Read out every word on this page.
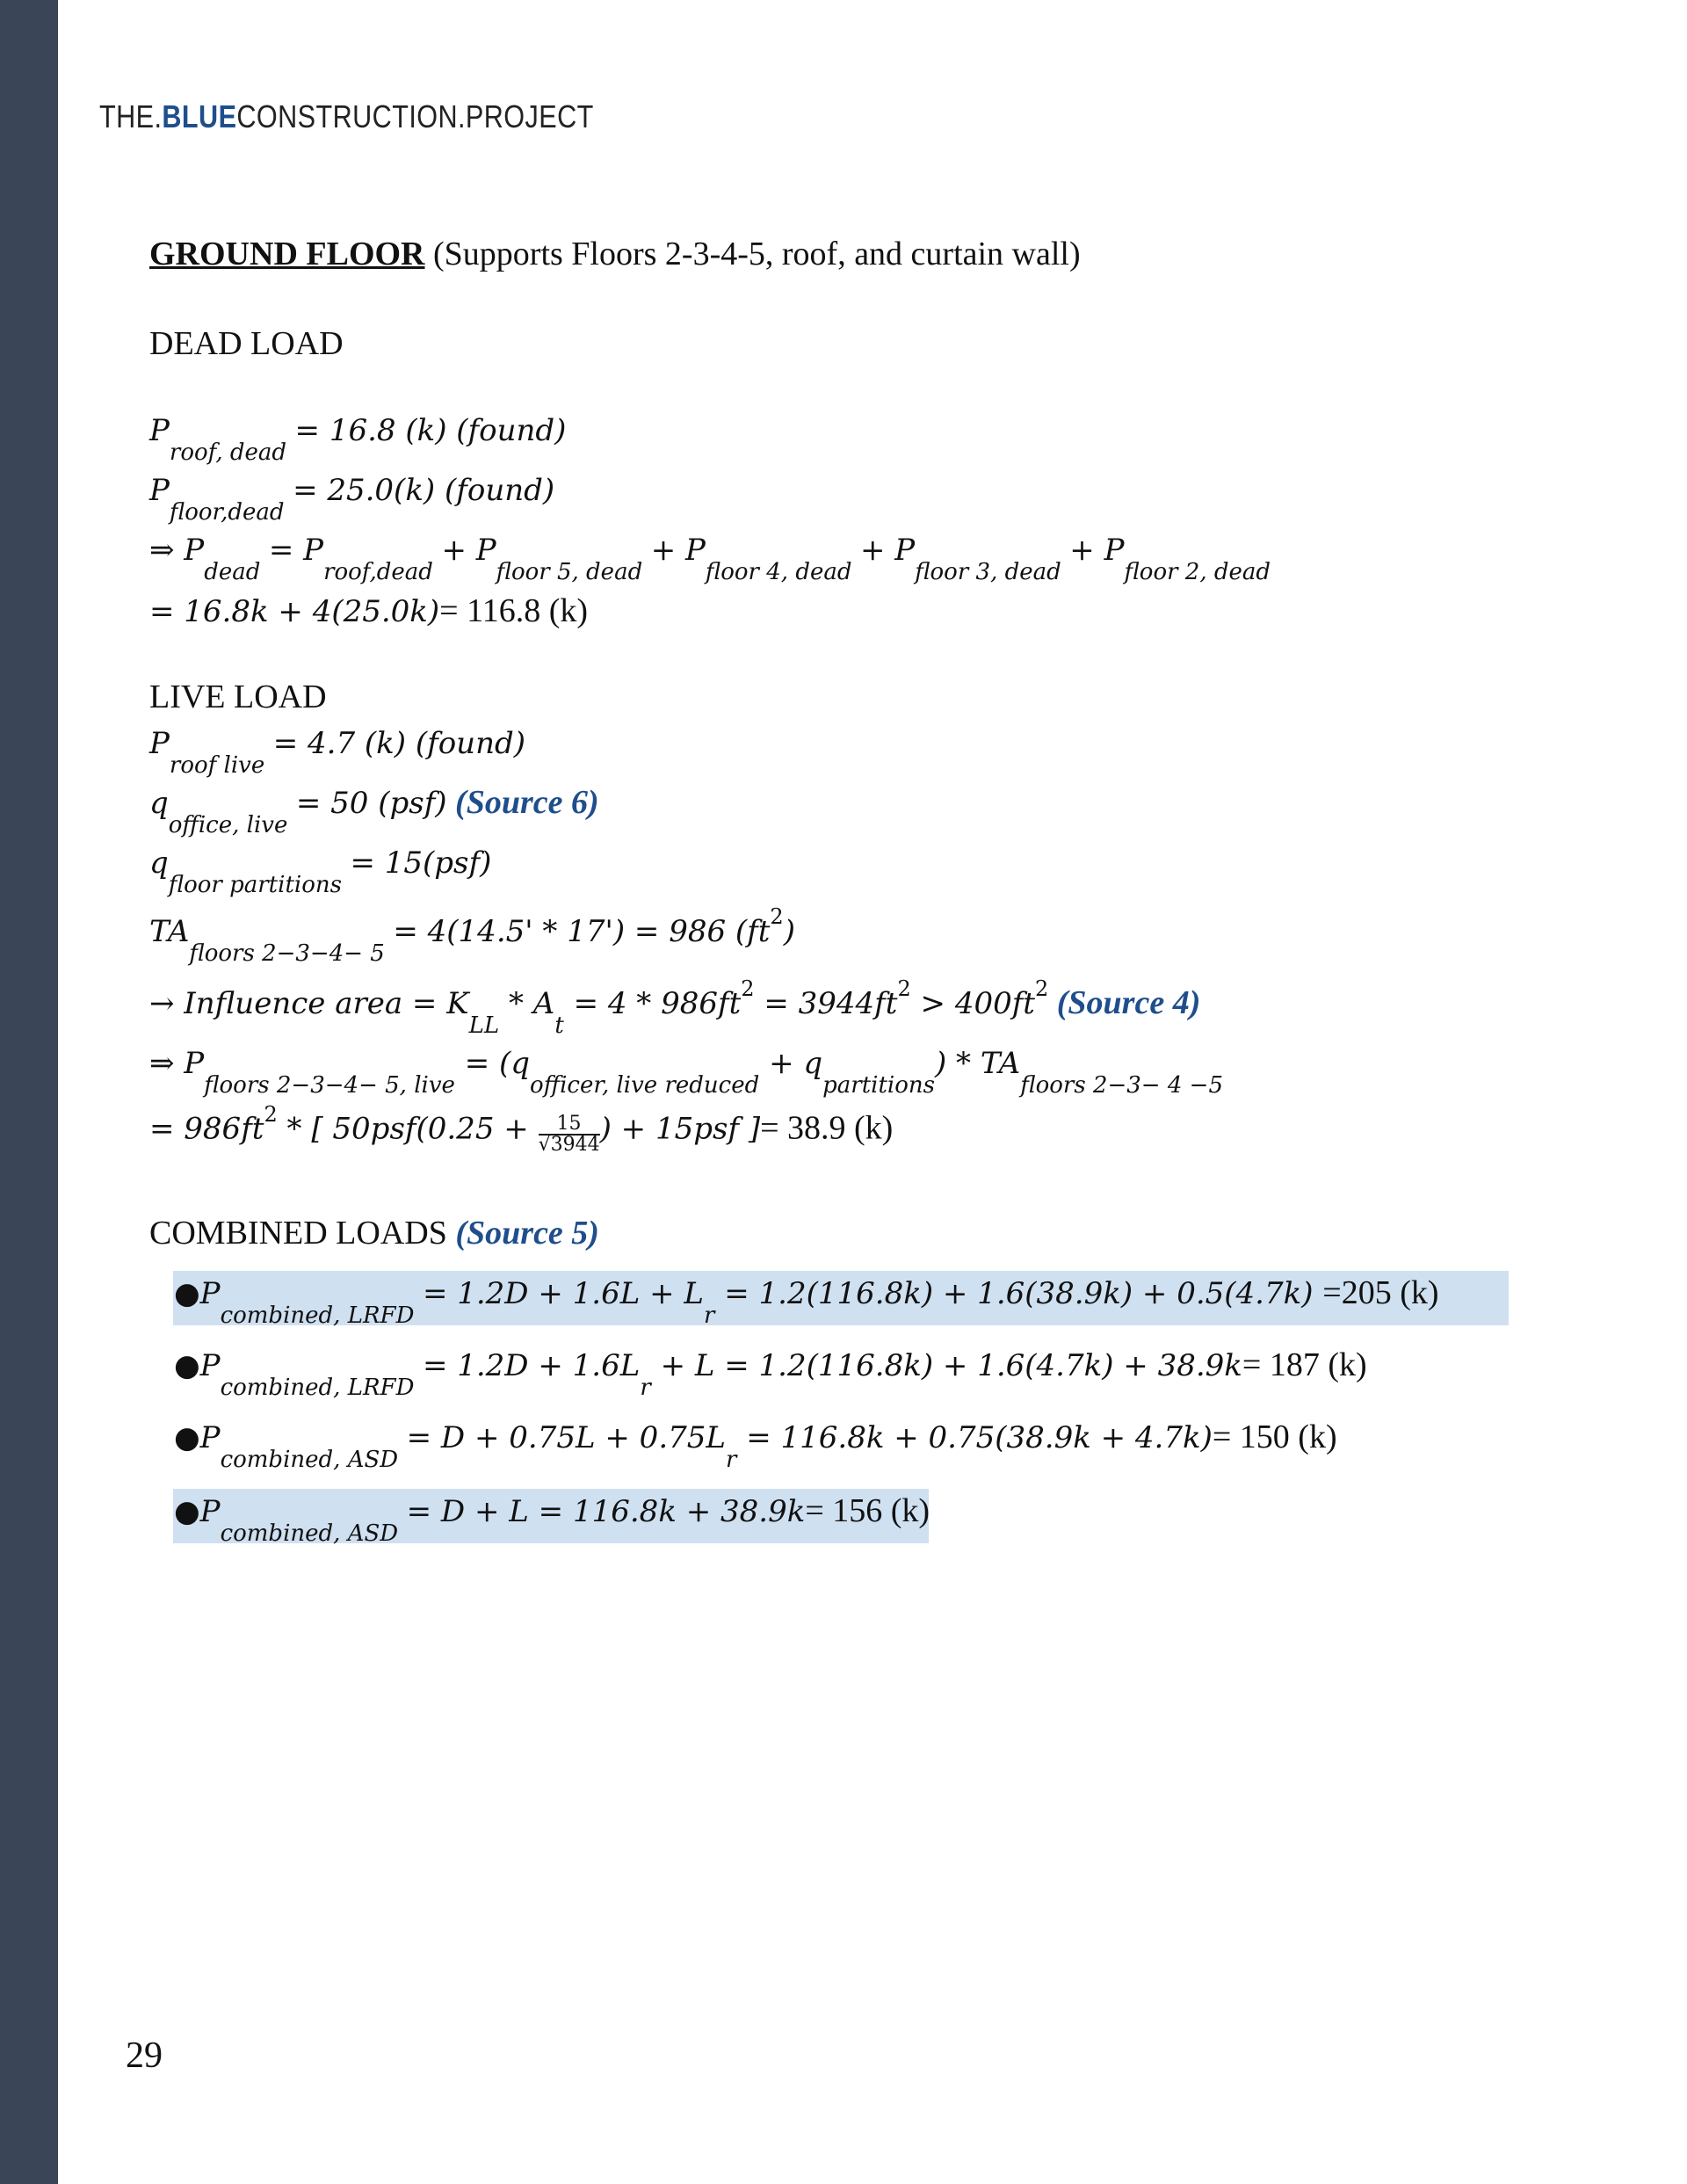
THE.BLUECONSTRUCTION.PROJECT
GROUND FLOOR (Supports Floors 2-3-4-5, roof, and curtain wall)
DEAD LOAD
$P_{roof, dead} = 16.8$ (k) (found)
$P_{floor,dead} = 25.0(k)$ (found)
⇒ $P_{dead} = P_{roof,dead} + P_{floor 5, dead} + P_{floor 4, dead} + P_{floor 3, dead} + P_{floor 2, dead}$
= 16.8k + 4(25.0k)= 116.8 (k)
LIVE LOAD
$P_{roof live} = 4.7$ (k) (found)
$q_{office, live} = 50$ (psf) (Source 6)
$q_{floor partitions} = 15(psf)$
$TA_{floors 2-3-4- 5} = 4(14.5' * 17') = 986$ $(ft^2)$
→ Influence area = $K_{LL} * A_t = 4 * 986ft^2 = 3944ft^2 > 400ft^2$ (Source 4)
⇒ $P_{floors 2-3-4- 5, live} = (q_{officer, live reduced} + q_{partitions}) * TA_{floors 2-3- 4 -5}$
= $986ft^2$ * [ $50psf(0.25 + \frac{15}{√3944}$ ) + 15psf ]= 38.9 (k)
COMBINED LOADS (Source 5)
$●P_{combined, LRFD} = 1.2D + 1.6L + L_r = 1.2(116.8k) + 1.6(38.9k) + 0.5(4.7k) =205$ (k)
$●P_{combined, LRFD} = 1.2D + 1.6L_r + L = 1.2(116.8k) + 1.6(4.7k) + 38.9k= 187$ (k)
$●P_{combined, ASD} = D + 0.75L + 0.75L_r = 116.8k + 0.75(38.9k + 4.7k)= 150$ (k)
$●P_{combined, ASD} = D + L = 116.8k + 38.9k= 156$ (k)
29
